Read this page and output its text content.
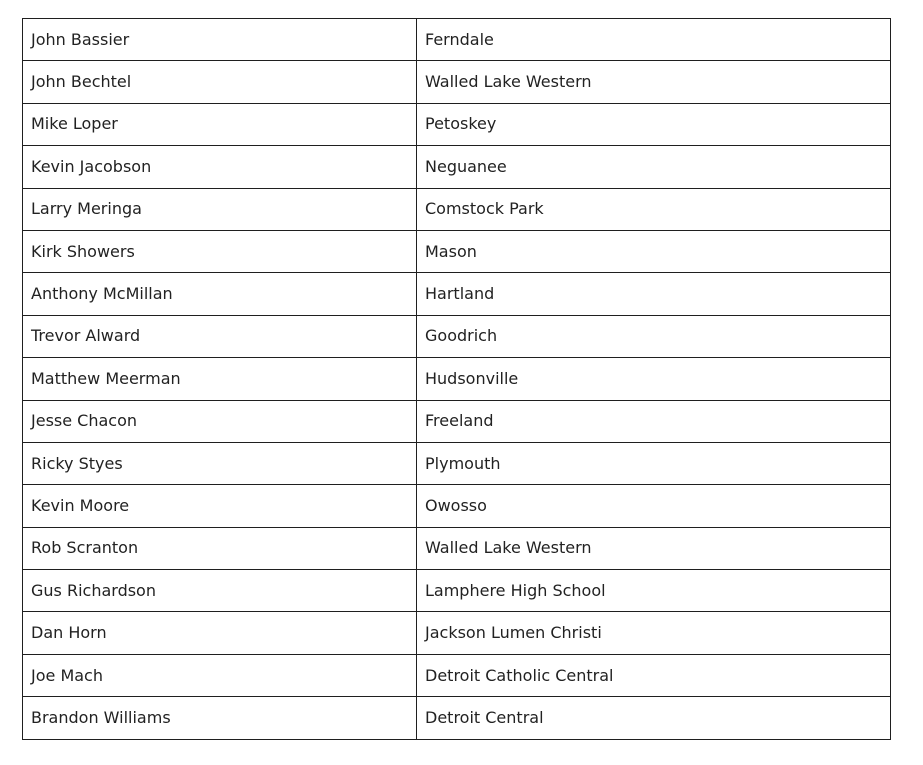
John Bassier	Ferndale
John Bechtel	Walled Lake Western
Mike Loper	Petoskey
Kevin Jacobson	Neguanee
Larry Meringa	Comstock Park
Kirk Showers	Mason
Anthony McMillan	Hartland
Trevor Alward	Goodrich
Matthew Meerman	Hudsonville
Jesse Chacon	Freeland
Ricky Styes	Plymouth
Kevin Moore	Owosso
Rob Scranton	Walled Lake Western
Gus Richardson	Lamphere High School
Dan Horn	Jackson Lumen Christi
Joe Mach	Detroit Catholic Central
Brandon Williams	Detroit Central
